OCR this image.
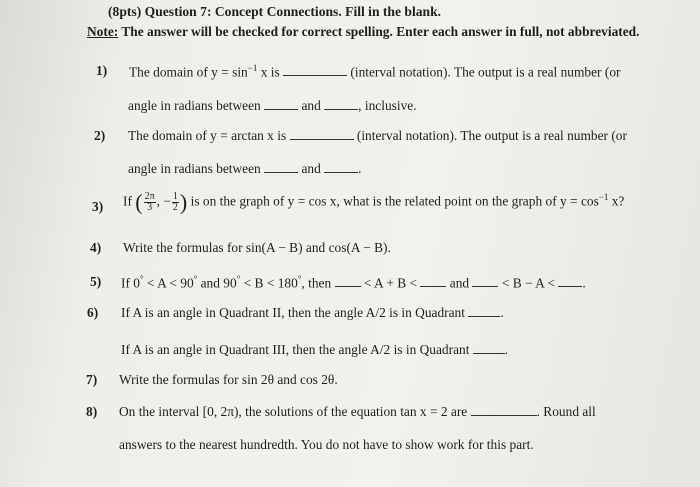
(8pts) Question 7: Concept Connections. Fill in the blank.
Note: The answer will be checked for correct spelling. Enter each answer in full, not abbreviated.
1) The domain of $y = \sin^{-1} x$ is	(interval notation). The output is a real number (or
angle in radians between	and	, inclusive.
2) The domain of y = arctan x is	(interval notation). The output is a real number (or
angle in radians between	and	.
3) If ( $\frac{2\pi}{3}$ , − $\frac{1}{2}$ ) is on the graph of y = cos x, what is the related point on the graph of $y = \cos^{-1} x$?
4) Write the formulas for sin(A − B) and cos(A − B).
5) If 0° < A < 90° and 90° < B < 180°, then < A + B < and < B − A < .
6) If A is an angle in Quadrant II, then the angle A/2 is in Quadrant	.
If A is an angle in Quadrant III, then the angle A/2 is in Quadrant	.
7) Write the formulas for sin 2θ and cos 2θ.
8) On the interval [0, 2π), the solutions of the equation tan x = 2 are	. Round all
answers to the nearest hundredth. You do not have to show work for this part.
